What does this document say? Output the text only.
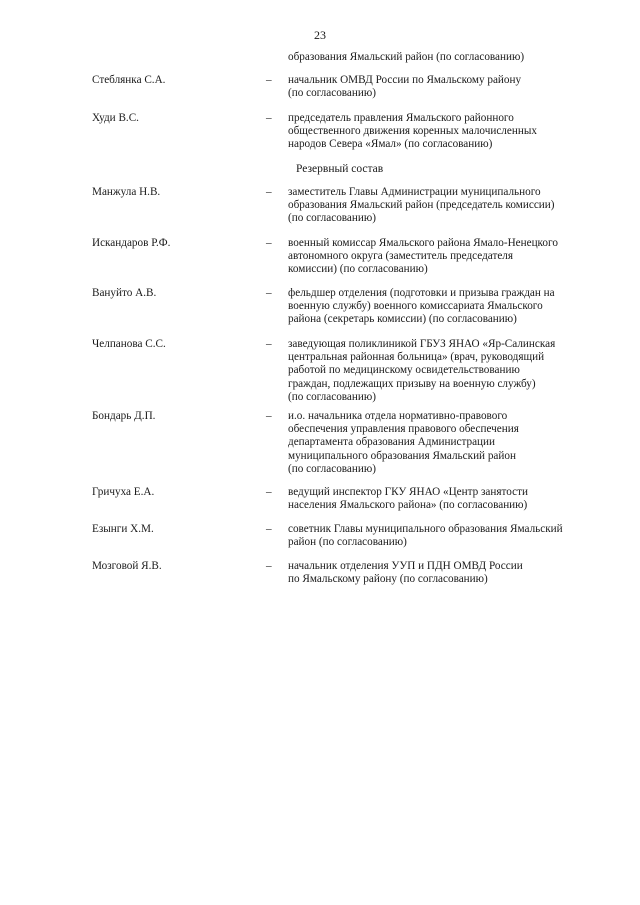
23
образования Ямальский район (по согласованию)
Резервный состав
Стеблянка С.А.	– начальник ОМВД России по Ямальскому району
(по согласованию)
Худи В.С.	– председатель правления Ямальского районного
общественного движения коренных малочисленных
народов Севера «Ямал» (по согласованию)
Манжула Н.В.	– заместитель Главы Администрации муниципального
образования Ямальский район (председатель комиссии)
(по согласованию)
Искандаров Р.Ф.	– военный комиссар Ямальского района Ямало-Ненецкого
автономного округа (заместитель председателя
комиссии) (по согласованию)
Вануйто А.В.	– фельдшер отделения (подготовки и призыва граждан на
военную службу) военного комиссариата Ямальского
района (секретарь комиссии) (по согласованию)
Челпанова С.С.	– заведующая поликлиникой ГБУЗ ЯНАО «Яр-Салинская
центральная районная больница» (врач, руководящий
работой по медицинскому освидетельствованию
граждан, подлежащих призыву на военную службу)
(по согласованию)
Бондарь Д.П.	– и.о. начальника отдела нормативно-правового
обеспечения управления правового обеспечения
департамента образования Администрации
муниципального образования Ямальский район
(по согласованию)
Гричуха Е.А.	– ведущий инспектор ГКУ ЯНАО «Центр занятости
населения Ямальского района» (по согласованию)
Езынги Х.М.	– советник Главы муниципального образования Ямальский
район (по согласованию)
Мозговой Я.В.	– начальник отделения УУП и ПДН ОМВД России
по Ямальскому району (по согласованию)
